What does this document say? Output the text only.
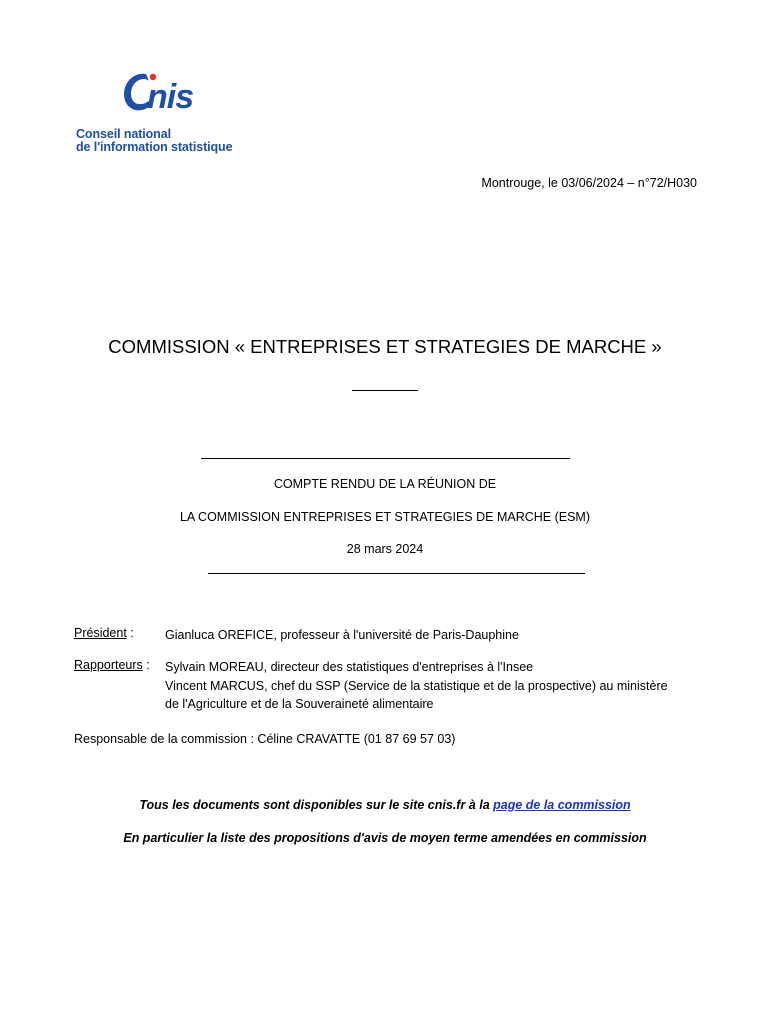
nis
Conseil national
de l'information statistique
Montrouge, le 03/06/2024 – n°72/H030
COMMISSION « ENTREPRISES ET STRATEGIES DE MARCHE »
COMPTE RENDU DE LA RÉUNION DE
LA COMMISSION ENTREPRISES ET STRATEGIES DE MARCHE (ESM)
28 mars 2024
Président : Gianluca OREFICE, professeur à l'université de Paris-Dauphine
Rapporteurs : Sylvain MOREAU, directeur des statistiques d'entreprises à l'Insee
Vincent MARCUS, chef du SSP (Service de la statistique et de la prospective) au ministère
de l'Agriculture et de la Souveraineté alimentaire
Responsable de la commission : Céline CRAVATTE (01 87 69 57 03)
Tous les documents sont disponibles sur le site cnis.fr à la page de la commission
En particulier la liste des propositions d'avis de moyen terme amendées en commission
